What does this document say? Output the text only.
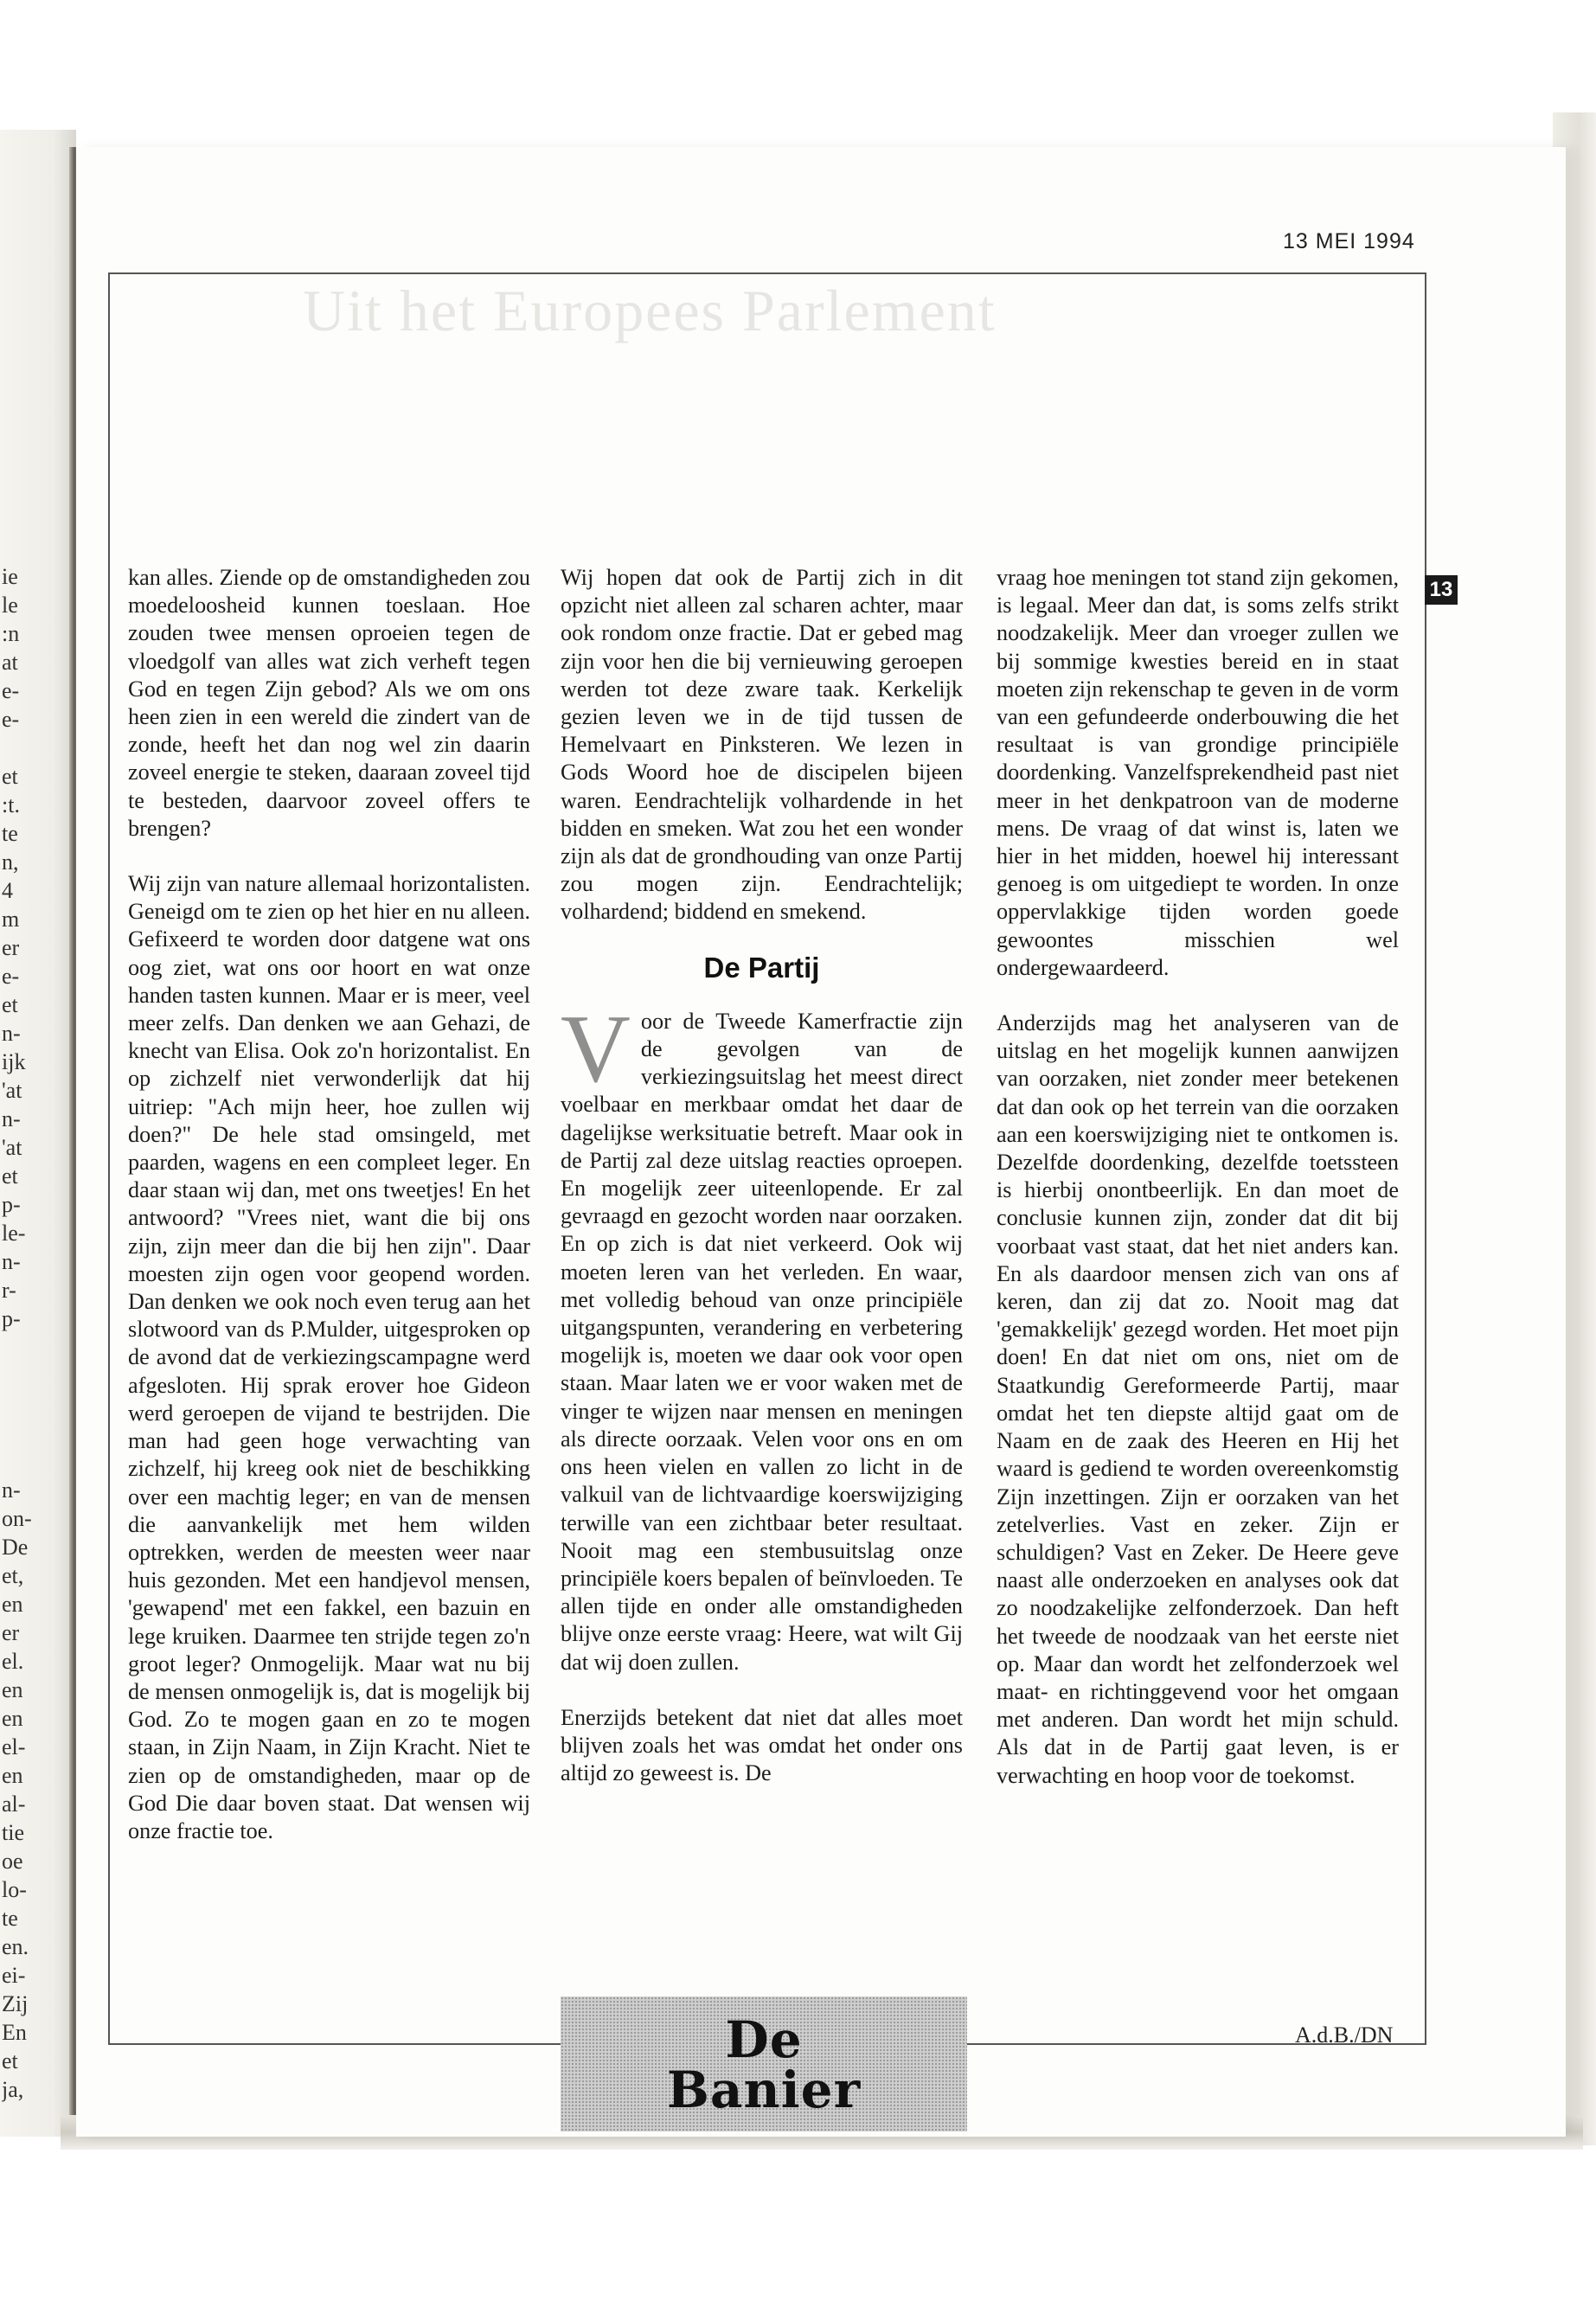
ie
le
:n
at
e-
e-

et
:t.
te
n,
4
m
er
e-
et
n-
ijk
'at
n-
'at
et
p-
le-
n-
r-
p-

n-
on-
De
et,
en
er
el.
en
en
el-
en
al-
tie
oe
lo-
te
en.
ei-
Zij
En
et
ja,
13 MEI 1994
Uit het Europees Parlement

kan alles. Ziende op de omstandigheden zou moedeloosheid kunnen toeslaan. Hoe zouden twee mensen oproeien tegen de vloedgolf van alles wat zich verheft tegen God en tegen Zijn gebod? Als we om ons heen zien in een wereld die zindert van de zonde, heeft het dan nog wel zin daarin zoveel energie te steken, daaraan zoveel tijd te besteden, daarvoor zoveel offers te brengen?

Wij zijn van nature allemaal horizontalisten. Geneigd om te zien op het hier en nu alleen. Gefixeerd te worden door datgene wat ons oog ziet, wat ons oor hoort en wat onze handen tasten kunnen. Maar er is meer, veel meer zelfs. Dan denken we aan Gehazi, de knecht van Elisa. Ook zo'n horizontalist. En op zichzelf niet verwonderlijk dat hij uitriep: "Ach mijn heer, hoe zullen wij doen?" De hele stad omsingeld, met paarden, wagens en een compleet leger. En daar staan wij dan, met ons tweetjes! En het antwoord? "Vrees niet, want die bij ons zijn, zijn meer dan die bij hen zijn". Daar moesten zijn ogen voor geopend worden. Dan denken we ook noch even terug aan het slotwoord van ds P.Mulder, uitgesproken op de avond dat de verkiezingscampagne werd afgesloten. Hij sprak erover hoe Gideon werd geroepen de vijand te bestrijden. Die man had geen hoge verwachting van zichzelf, hij kreeg ook niet de beschikking over een machtig leger; en van de mensen die aanvankelijk met hem wilden optrekken, werden de meesten weer naar huis gezonden. Met een handjevol mensen, 'gewapend' met een fakkel, een bazuin en lege kruiken. Daarmee ten strijde tegen zo'n groot leger? Onmogelijk. Maar wat nu bij de mensen onmogelijk is, dat is mogelijk bij God. Zo te mogen gaan en zo te mogen staan, in Zijn Naam, in Zijn Kracht. Niet te zien op de omstandigheden, maar op de God Die daar boven staat. Dat wensen wij onze fractie toe.

Wij hopen dat ook de Partij zich in dit opzicht niet alleen zal scharen achter, maar ook rondom onze fractie. Dat er gebed mag zijn voor hen die bij vernieuwing geroepen werden tot deze zware taak. Kerkelijk gezien leven we in de tijd tussen de Hemelvaart en Pinksteren. We lezen in Gods Woord hoe de discipelen bijeen waren. Eendrachtelijk volhardende in het bidden en smeken. Wat zou het een wonder zijn als dat de grondhouding van onze Partij zou mogen zijn. Eendrachtelijk; volhardend; biddend en smekend.

De Partij

Voor de Tweede Kamerfractie zijn de gevolgen van de verkiezingsuitslag het meest direct voelbaar en merkbaar omdat het daar de dagelijkse werksituatie betreft. Maar ook in de Partij zal deze uitslag reacties oproepen. En mogelijk zeer uiteenlopende. Er zal gevraagd en gezocht worden naar oorzaken. En op zich is dat niet verkeerd. Ook wij moeten leren van het verleden. En waar, met volledig behoud van onze principiële uitgangspunten, verandering en verbetering mogelijk is, moeten we daar ook voor open staan. Maar laten we er voor waken met de vinger te wijzen naar mensen en meningen als directe oorzaak. Velen voor ons en om ons heen vielen en vallen zo licht in de valkuil van de lichtvaardige koerswijziging terwille van een zichtbaar beter resultaat. Nooit mag een stembusuitslag onze principiële koers bepalen of beïnvloeden. Te allen tijde en onder alle omstandigheden blijve onze eerste vraag: Heere, wat wilt Gij dat wij doen zullen.

Enerzijds betekent dat niet dat alles moet blijven zoals het was omdat het onder ons altijd zo geweest is. De

vraag hoe meningen tot stand zijn gekomen, is legaal. Meer dan dat, is soms zelfs strikt noodzakelijk. Meer dan vroeger zullen we bij sommige kwesties bereid en in staat moeten zijn rekenschap te geven in de vorm van een gefundeerde onderbouwing die het resultaat is van grondige principiële doordenking. Vanzelfsprekendheid past niet meer in het denkpatroon van de moderne mens. De vraag of dat winst is, laten we hier in het midden, hoewel hij interessant genoeg is om uitgediept te worden. In onze oppervlakkige tijden worden goede gewoontes misschien wel ondergewaardeerd.

Anderzijds mag het analyseren van de uitslag en het mogelijk kunnen aanwijzen van oorzaken, niet zonder meer betekenen dat dan ook op het terrein van die oorzaken aan een koerswijziging niet te ontkomen is. Dezelfde doordenking, dezelfde toetssteen is hierbij onontbeerlijk. En dan moet de conclusie kunnen zijn, zonder dat dit bij voorbaat vast staat, dat het niet anders kan. En als daardoor mensen zich van ons af keren, dan zij dat zo. Nooit mag dat 'gemakkelijk' gezegd worden. Het moet pijn doen! En dat niet om ons, niet om de Staatkundig Gereformeerde Partij, maar omdat het ten diepste altijd gaat om de Naam en de zaak des Heeren en Hij het waard is gediend te worden overeenkomstig Zijn inzettingen. Zijn er oorzaken van het zetelverlies. Vast en zeker. Zijn er schuldigen? Vast en Zeker. De Heere geve naast alle onderzoeken en analyses ook dat zo noodzakelijke zelfonderzoek. Dan heft het tweede de noodzaak van het eerste niet op. Maar dan wordt het zelfonderzoek wel maat- en richtinggevend voor het omgaan met anderen. Dan wordt het mijn schuld. Als dat in de Partij gaat leven, is er verwachting en hoop voor de toekomst.

13
A.d.B./DN
De
Banier
